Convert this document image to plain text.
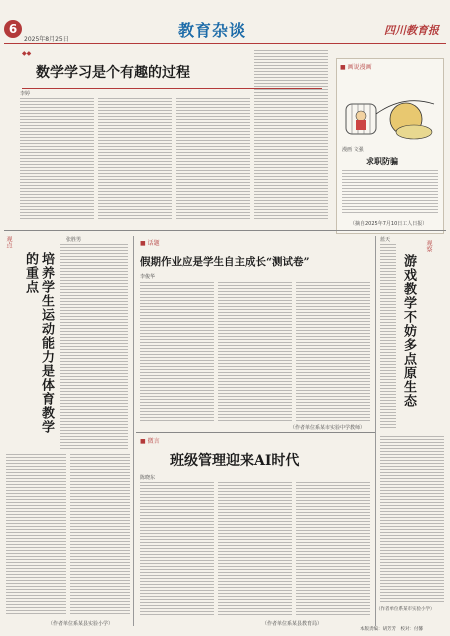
6
2025年8月25日	教育杂谈	四川教育报
◆◆
数学学习是个有趣的过程
李婷
■ 画说漫画
漫画 文强
求职防骗
（摘自2025年7月10日工人日报）
观点
培养学生运动能力是体育教学的重点
张胜男
（作者单位系某县实验小学）
■ 话题
假期作业应是学生自主成长“测试卷”
李俊华
（作者单位系某市实验中学教师）
■ 微言
班级管理迎来AI时代
陈晓东
（作者单位系某县教育局）
蓝天	观察
游戏教学不妨多点原生态
（作者单位系某市实验小学）
本版责编：胡芳芳　校对：付馨
